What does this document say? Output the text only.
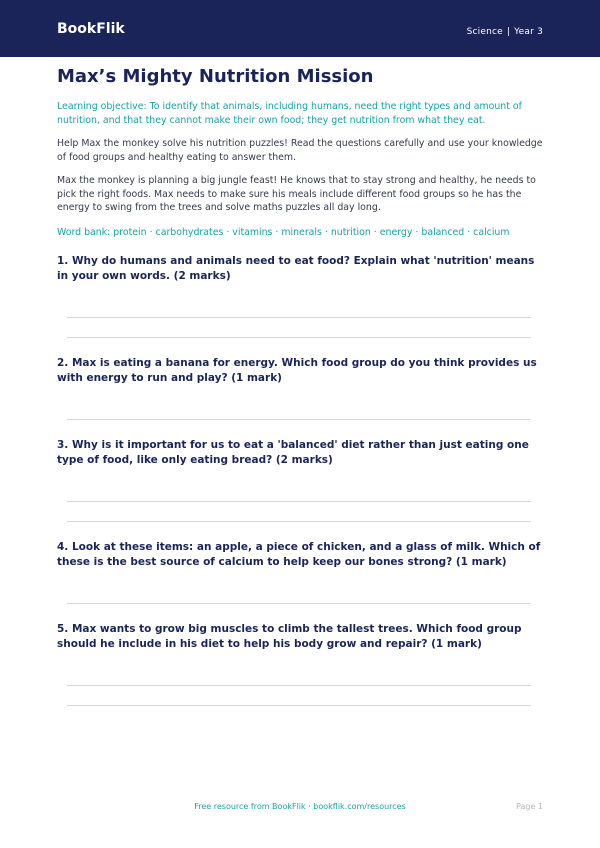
BookFlik	Science | Year 3
Max’s Mighty Nutrition Mission

Learning objective: To identify that animals, including humans, need the right types and amount of nutrition, and that they cannot make their own food; they get nutrition from what they eat.

Help Max the monkey solve his nutrition puzzles! Read the questions carefully and use your knowledge of food groups and healthy eating to answer them.

Max the monkey is planning a big jungle feast! He knows that to stay strong and healthy, he needs to pick the right foods. Max needs to make sure his meals include different food groups so he has the energy to swing from the trees and solve maths puzzles all day long.

Word bank: protein · carbohydrates · vitamins · minerals · nutrition · energy · balanced · calcium

1. Why do humans and animals need to eat food? Explain what 'nutrition' means in your own words. (2 marks)

2. Max is eating a banana for energy. Which food group do you think provides us with energy to run and play? (1 mark)

3. Why is it important for us to eat a 'balanced' diet rather than just eating one type of food, like only eating bread? (2 marks)

4. Look at these items: an apple, a piece of chicken, and a glass of milk. Which of these is the best source of calcium to help keep our bones strong? (1 mark)

5. Max wants to grow big muscles to climb the tallest trees. Which food group should he include in his diet to help his body grow and repair? (1 mark)

Free resource from BookFlik · bookflik.com/resources	Page 1
